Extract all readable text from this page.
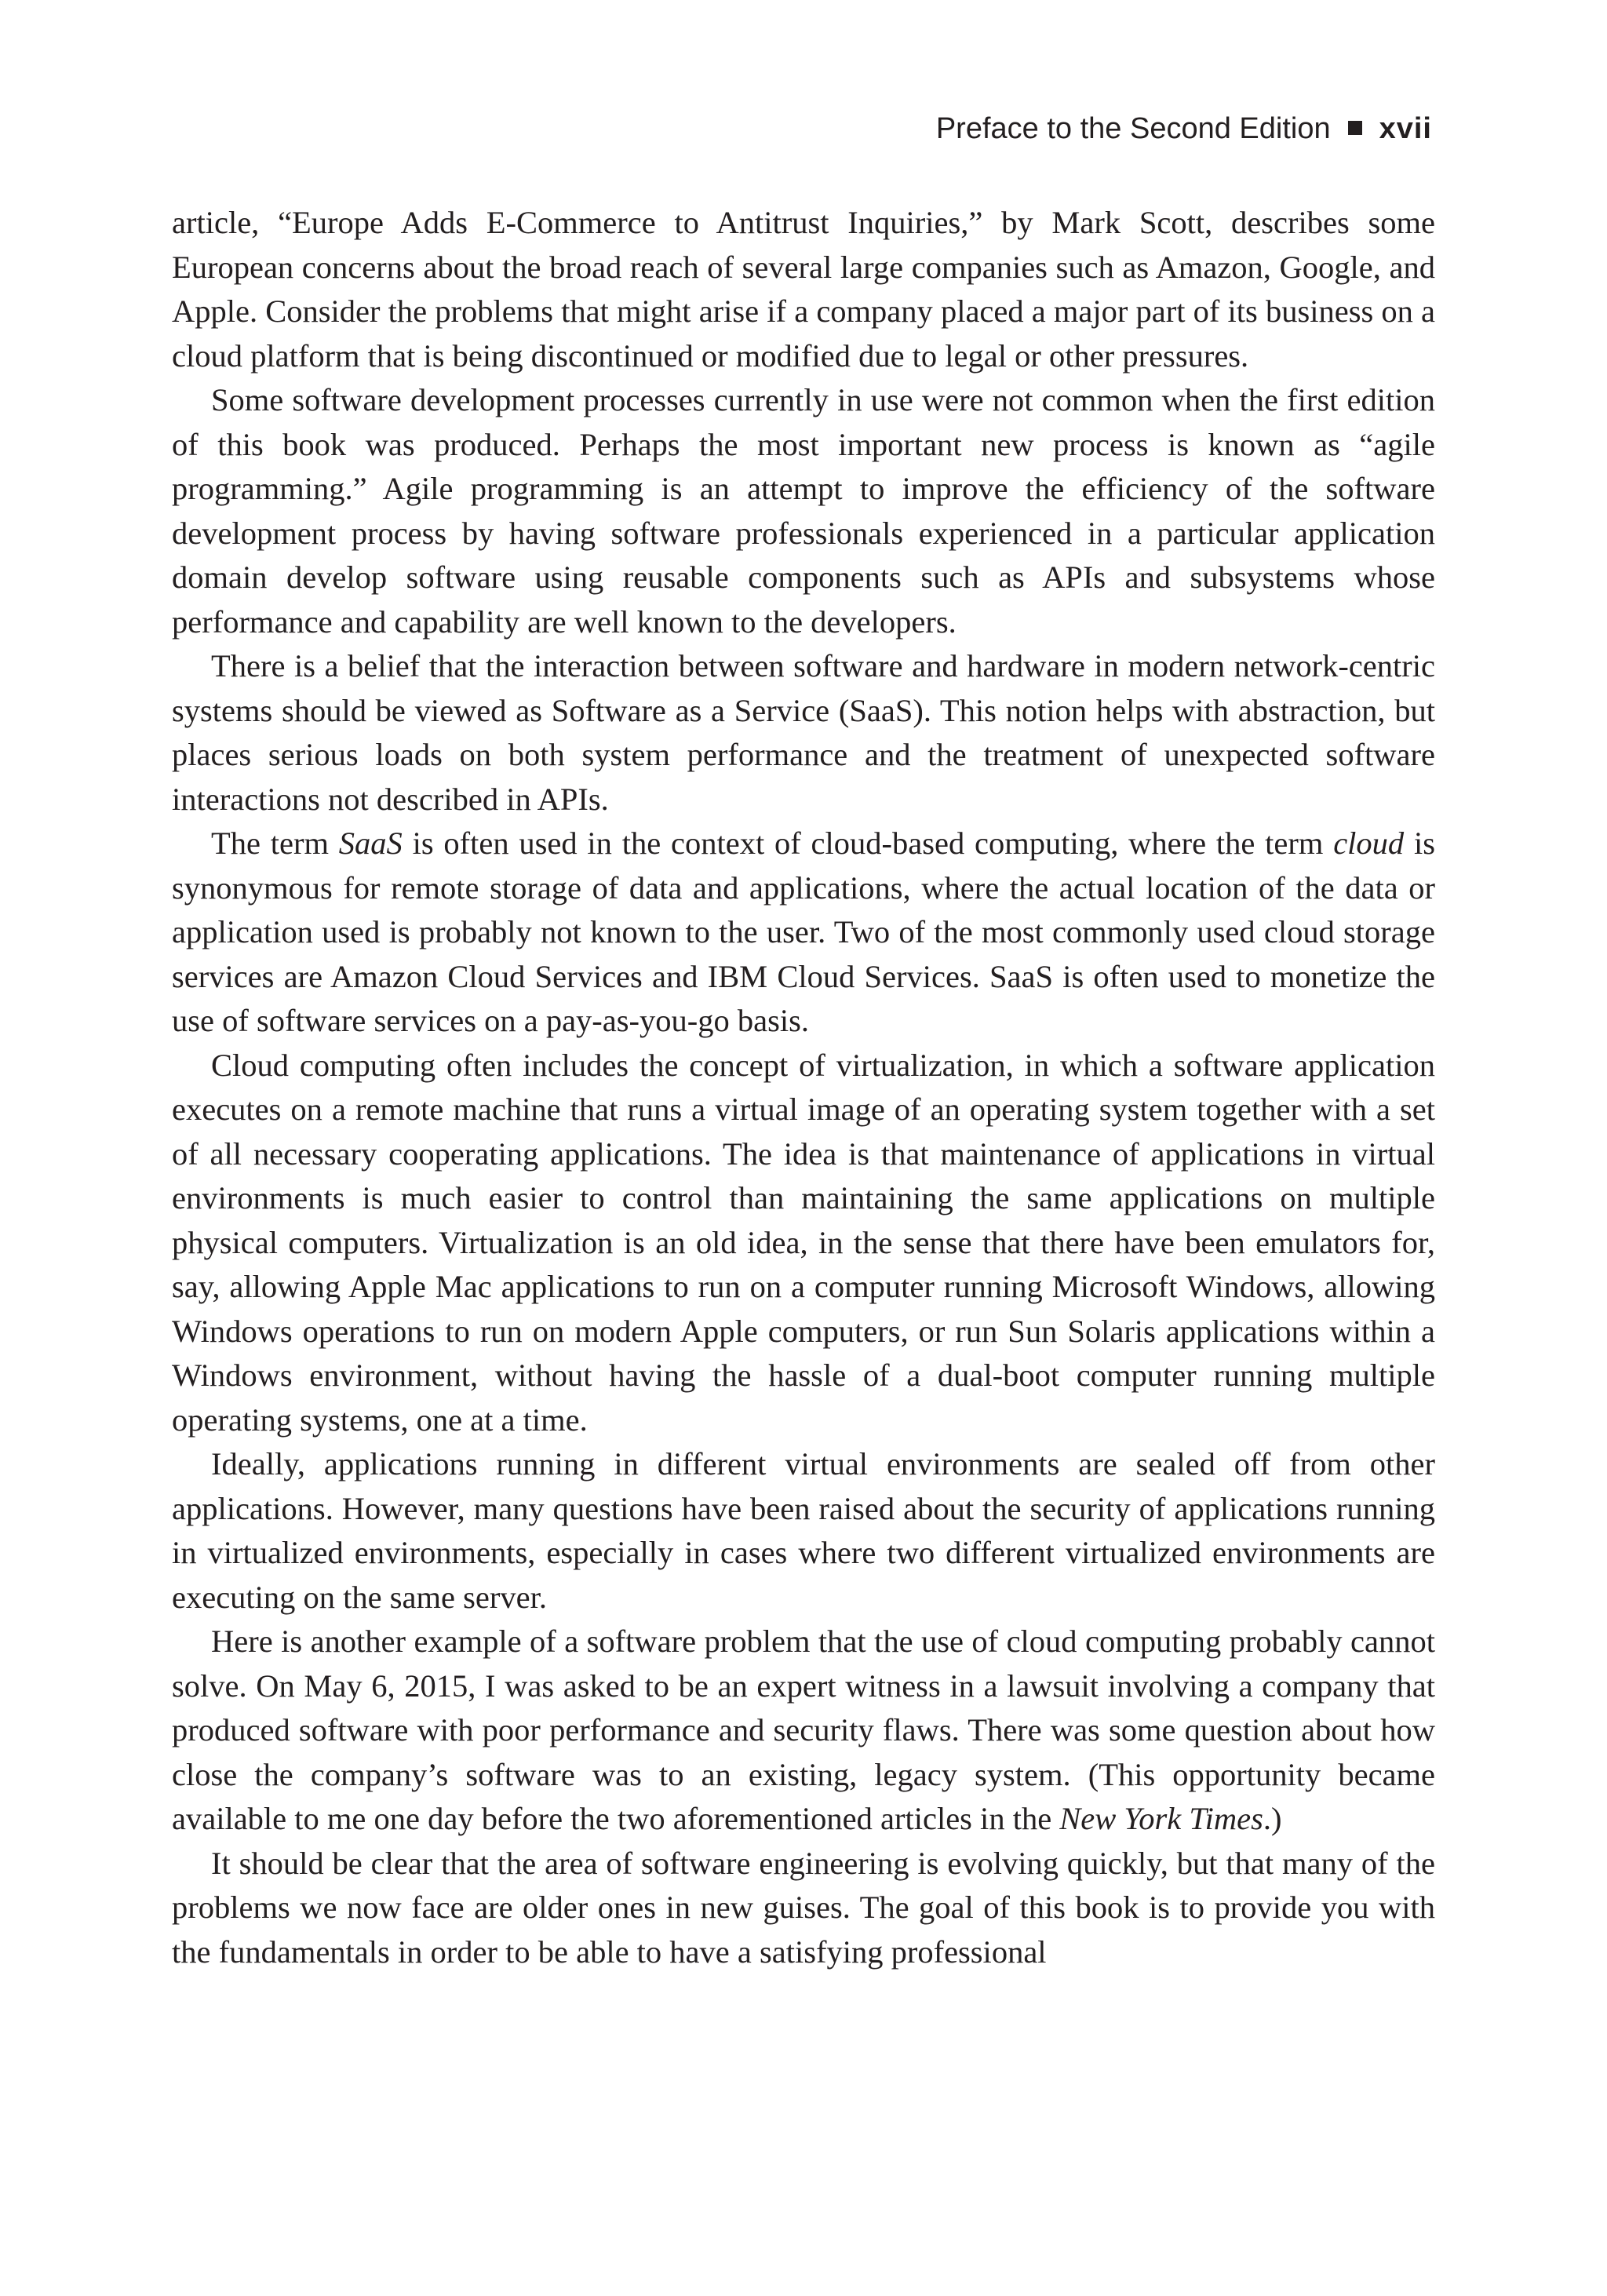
Preface to the Second Edition xvii

article, “Europe Adds E-Commerce to Antitrust Inquiries,” by Mark Scott, describes some European concerns about the broad reach of several large companies such as Amazon, Google, and Apple. Consider the problems that might arise if a company placed a major part of its business on a cloud platform that is being discontinued or modified due to legal or other pressures.

Some software development processes currently in use were not common when the first edition of this book was produced. Perhaps the most important new process is known as “agile programming.” Agile programming is an attempt to improve the efficiency of the software development process by having software professionals experienced in a particular application domain develop software using reusable components such as APIs and subsystems whose performance and capability are well known to the developers.

There is a belief that the interaction between software and hardware in modern network-centric systems should be viewed as Software as a Service (SaaS). This notion helps with abstraction, but places serious loads on both system performance and the treatment of unexpected software interactions not described in APIs.

The term SaaS is often used in the context of cloud-based computing, where the term cloud is synonymous for remote storage of data and applications, where the actual location of the data or application used is probably not known to the user. Two of the most commonly used cloud storage services are Amazon Cloud Services and IBM Cloud Services. SaaS is often used to monetize the use of software services on a pay-as-you-go basis.

Cloud computing often includes the concept of virtualization, in which a software application executes on a remote machine that runs a virtual image of an operating system together with a set of all necessary cooperating applications. The idea is that maintenance of applications in virtual environments is much easier to control than maintaining the same applications on multiple physical computers. Virtualization is an old idea, in the sense that there have been emulators for, say, allowing Apple Mac applications to run on a computer running Microsoft Windows, allowing Windows operations to run on modern Apple computers, or run Sun Solaris applications within a Windows environment, without having the hassle of a dual-boot computer running multiple operating systems, one at a time.

Ideally, applications running in different virtual environments are sealed off from other applications. However, many questions have been raised about the security of applications running in virtualized environments, especially in cases where two different virtualized environments are executing on the same server.

Here is another example of a software problem that the use of cloud computing probably cannot solve. On May 6, 2015, I was asked to be an expert witness in a lawsuit involving a company that produced software with poor performance and security flaws. There was some question about how close the company’s software was to an existing, legacy system. (This opportunity became available to me one day before the two aforementioned articles in the New York Times.)

It should be clear that the area of software engineering is evolving quickly, but that many of the problems we now face are older ones in new guises. The goal of this book is to provide you with the fundamentals in order to be able to have a satisfying professional
